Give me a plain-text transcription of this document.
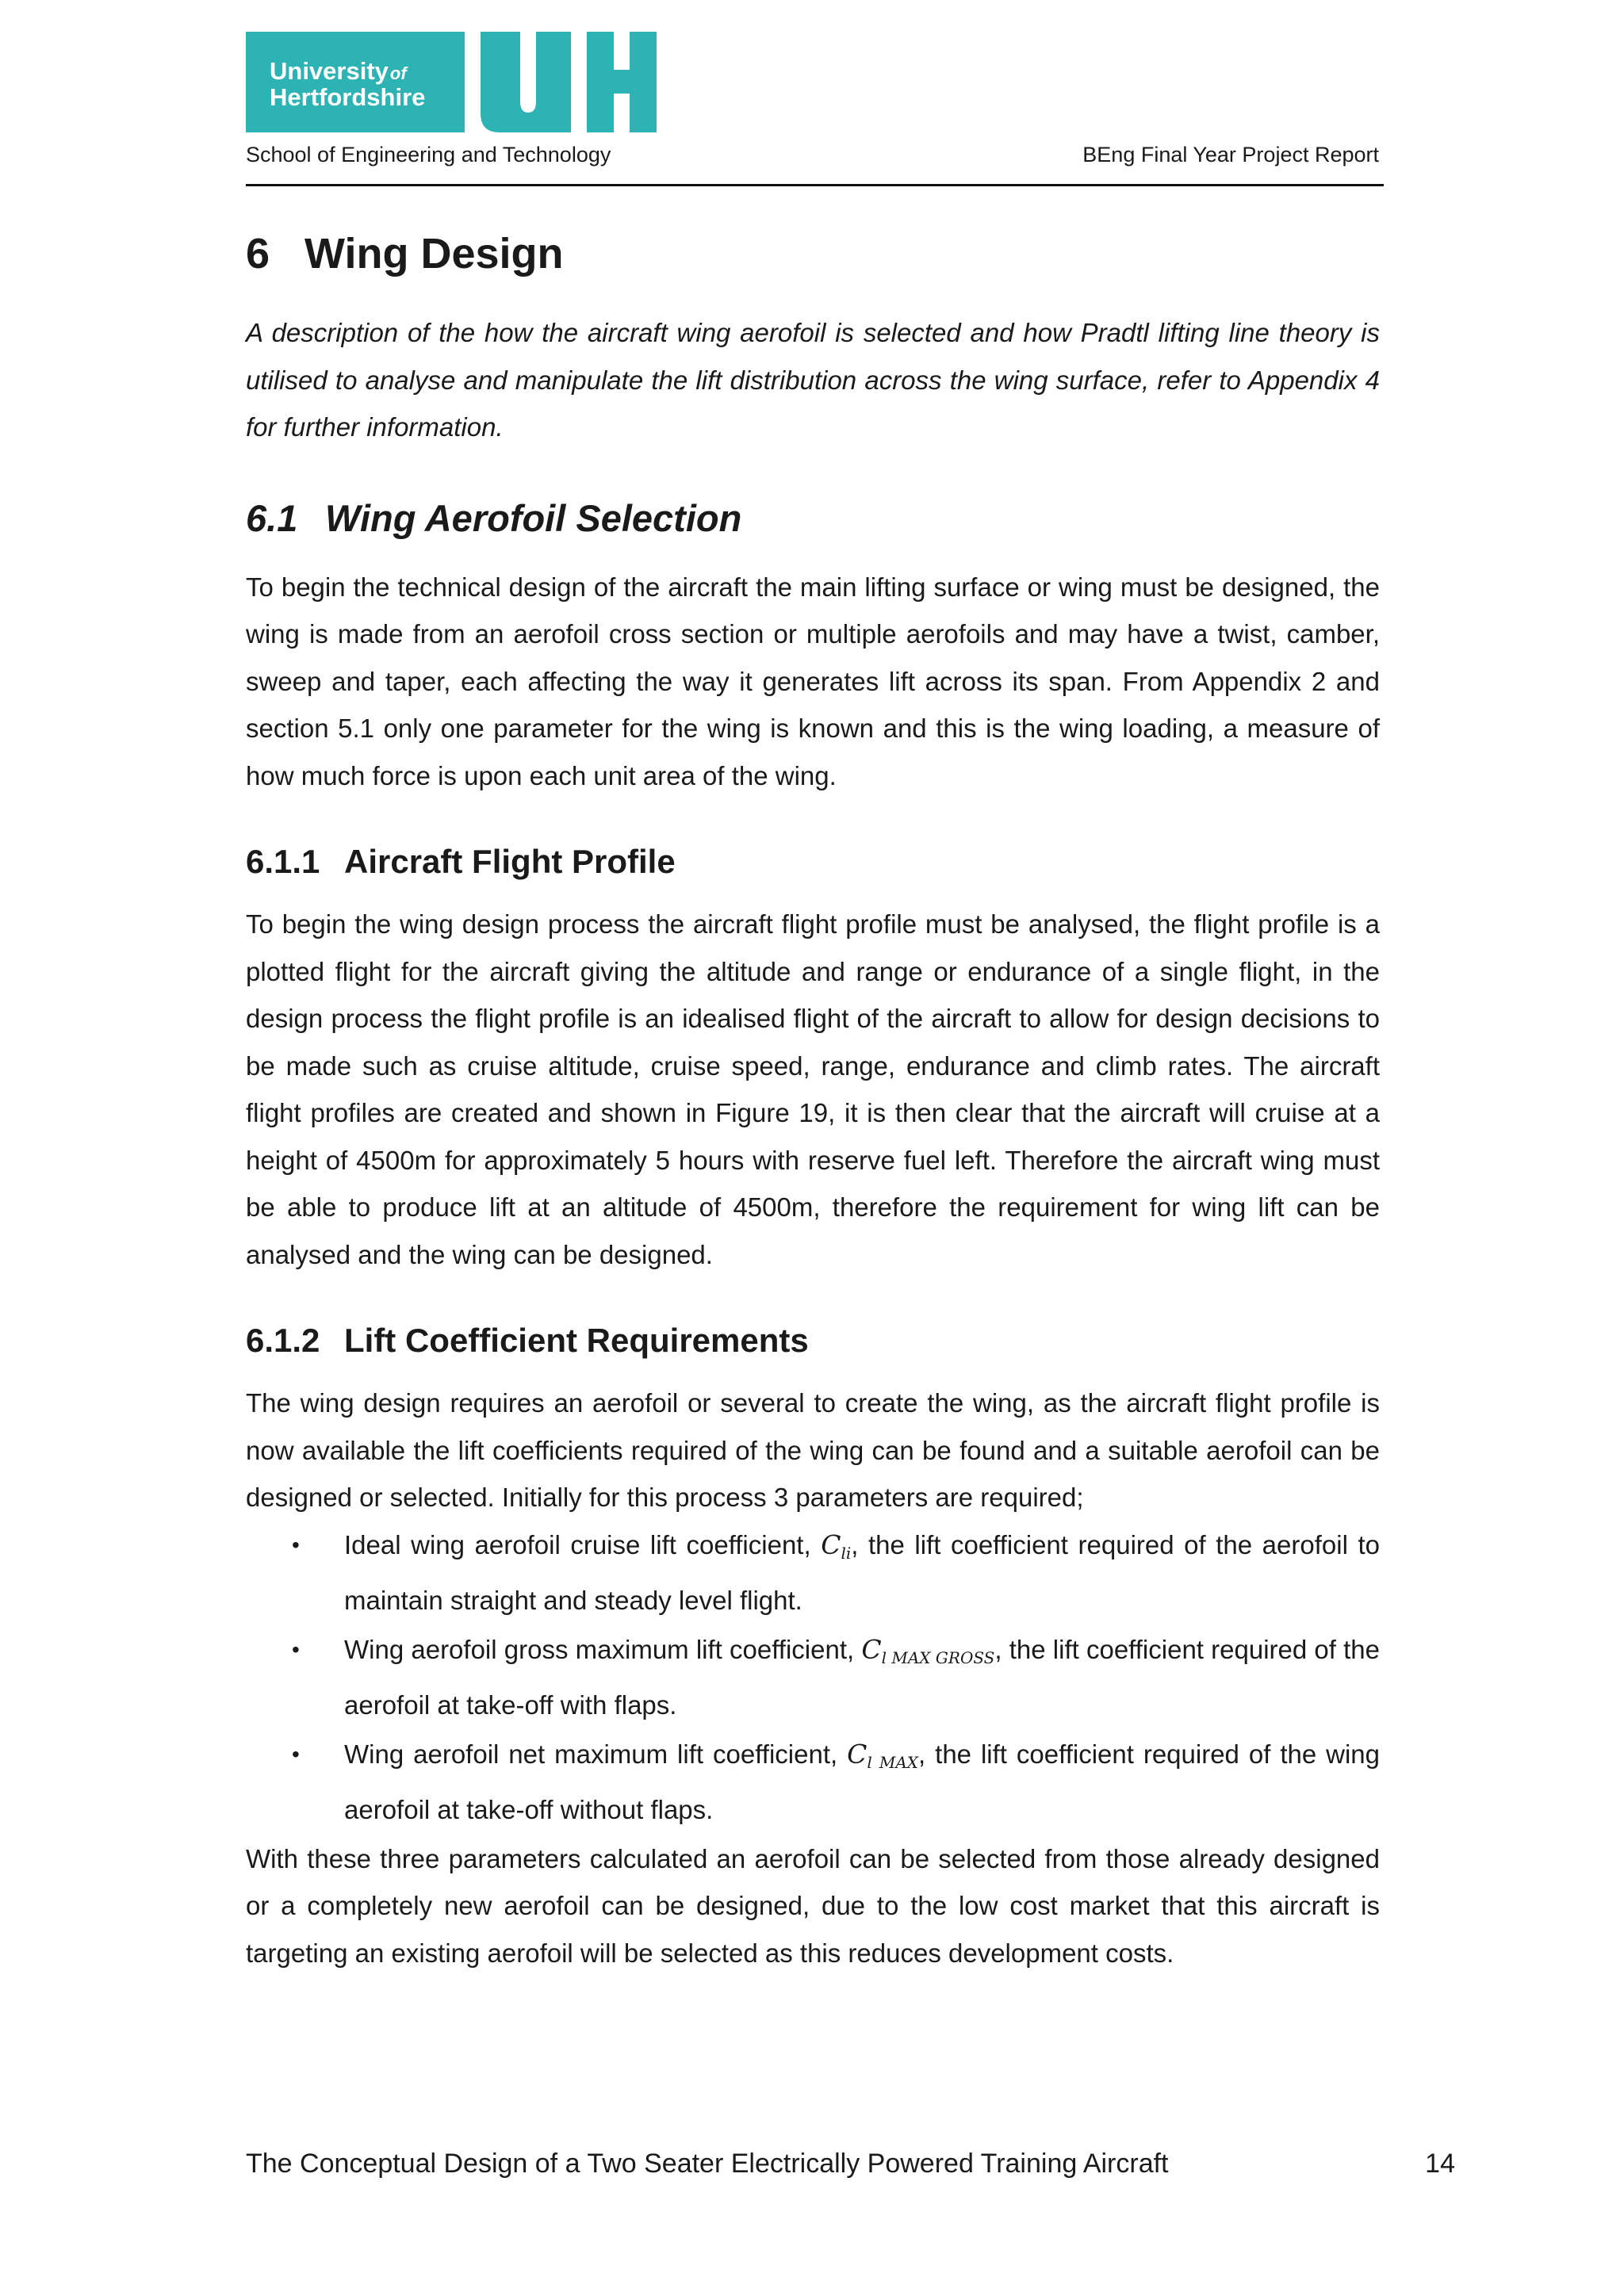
Universityof
Hertfordshire
School of Engineering and Technology	BEng Final Year Project Report
6 Wing Design
A description of the how the aircraft wing aerofoil is selected and how Pradtl lifting line theory is utilised to analyse and manipulate the lift distribution across the wing surface, refer to Appendix 4 for further information.
6.1 Wing Aerofoil Selection

To begin the technical design of the aircraft the main lifting surface or wing must be designed, the wing is made from an aerofoil cross section or multiple aerofoils and may have a twist, camber, sweep and taper, each affecting the way it generates lift across its span. From Appendix 2 and section 5.1 only one parameter for the wing is known and this is the wing loading, a measure of how much force is upon each unit area of the wing.

6.1.1 Aircraft Flight Profile

To begin the wing design process the aircraft flight profile must be analysed, the flight profile is a plotted flight for the aircraft giving the altitude and range or endurance of a single flight, in the design process the flight profile is an idealised flight of the aircraft to allow for design decisions to be made such as cruise altitude, cruise speed, range, endurance and climb rates. The aircraft flight profiles are created and shown in Figure 19, it is then clear that the aircraft will cruise at a height of 4500m for approximately 5 hours with reserve fuel left. Therefore the aircraft wing must be able to produce lift at an altitude of 4500m, therefore the requirement for wing lift can be analysed and the wing can be designed.

6.1.2 Lift Coefficient Requirements

The wing design requires an aerofoil or several to create the wing, as the aircraft flight profile is now available the lift coefficients required of the wing can be found and a suitable aerofoil can be designed or selected. Initially for this process 3 parameters are required;

• Ideal wing aerofoil cruise lift coefficient, $C_{li}$, the lift coefficient required of the aerofoil to maintain straight and steady level flight.
• Wing aerofoil gross maximum lift coefficient, $C_{l MAX GROSS}$, the lift coefficient required of the aerofoil at take-off with flaps.
• Wing aerofoil net maximum lift coefficient, $C_{l MAX}$, the lift coefficient required of the wing aerofoil at take-off without flaps.

With these three parameters calculated an aerofoil can be selected from those already designed or a completely new aerofoil can be designed, due to the low cost market that this aircraft is targeting an existing aerofoil will be selected as this reduces development costs.

The Conceptual Design of a Two Seater Electrically Powered Training Aircraft	14
